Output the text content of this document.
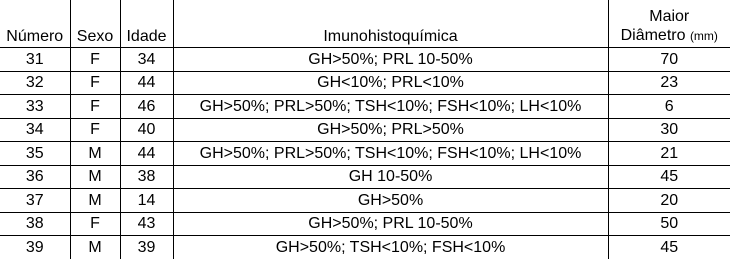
Número	Sexo	Idade	Imunohistoquímica	Maior
Diâmetro (mm)
31	F	34	GH>50%; PRL 10-50%	70
32	F	44	GH<10%; PRL<10%	23
33	F	46	GH>50%; PRL>50%; TSH<10%; FSH<10%; LH<10%	6
34	F	40	GH>50%; PRL>50%	30
35	M	44	GH>50%; PRL>50%; TSH<10%; FSH<10%; LH<10%	21
36	M	38	GH 10-50%	45
37	M	14	GH>50%	20
38	F	43	GH>50%; PRL 10-50%	50
39	M	39	GH>50%; TSH<10%; FSH<10%	45
